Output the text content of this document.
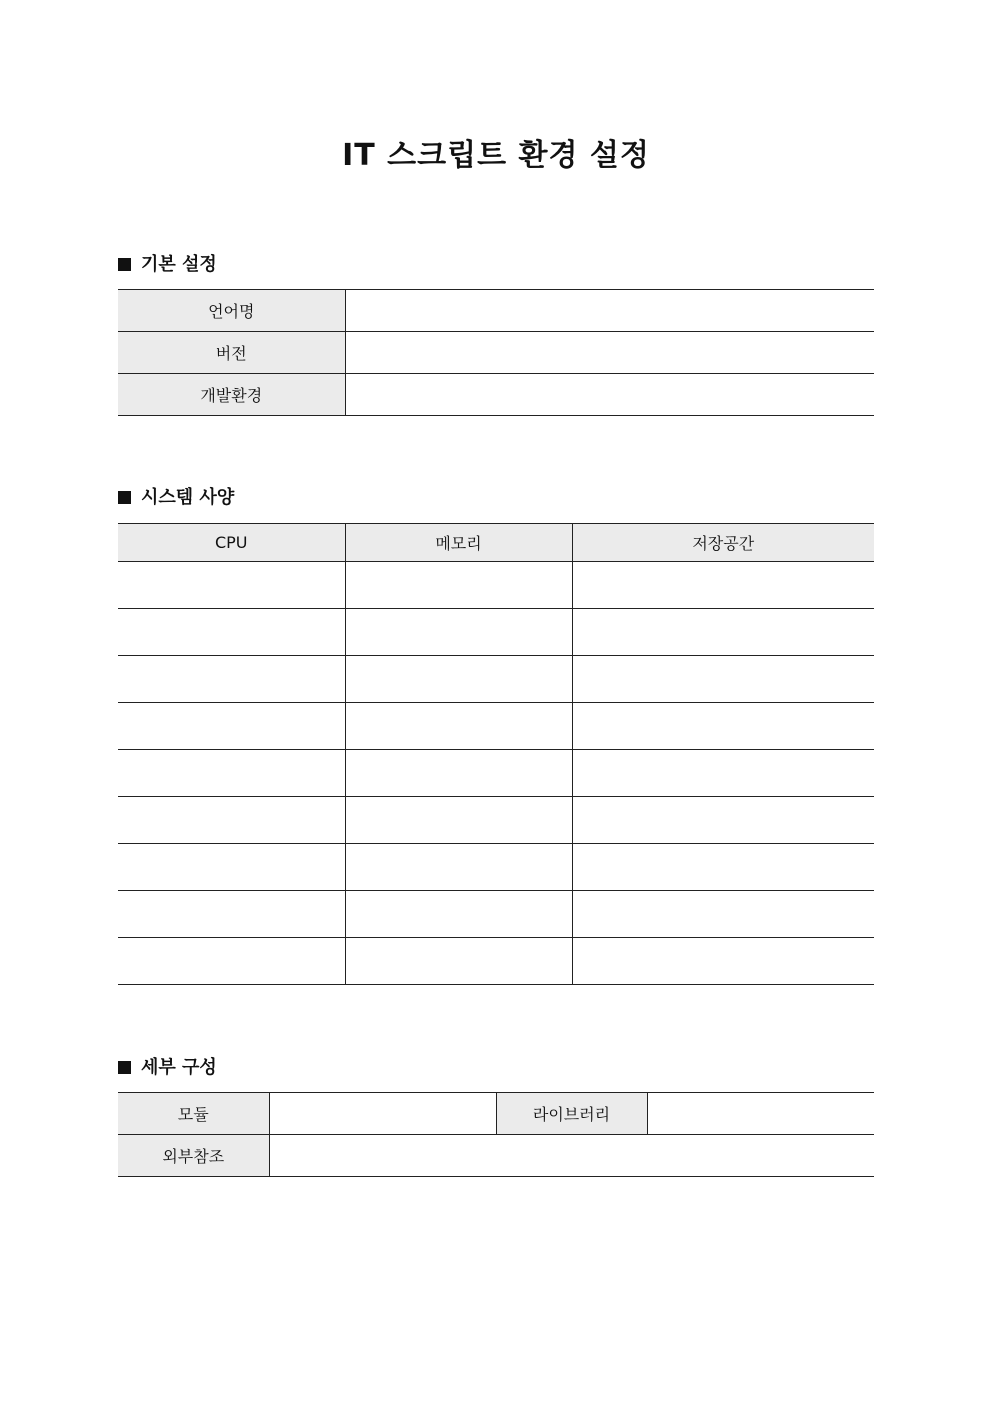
IT 스크립트 환경 설정
기본 설정
언어명	
버전	
개발환경	
시스템 사양
CPU	메모리	저장공간

세부 구성
모듈		라이브러리	
외부참조			
